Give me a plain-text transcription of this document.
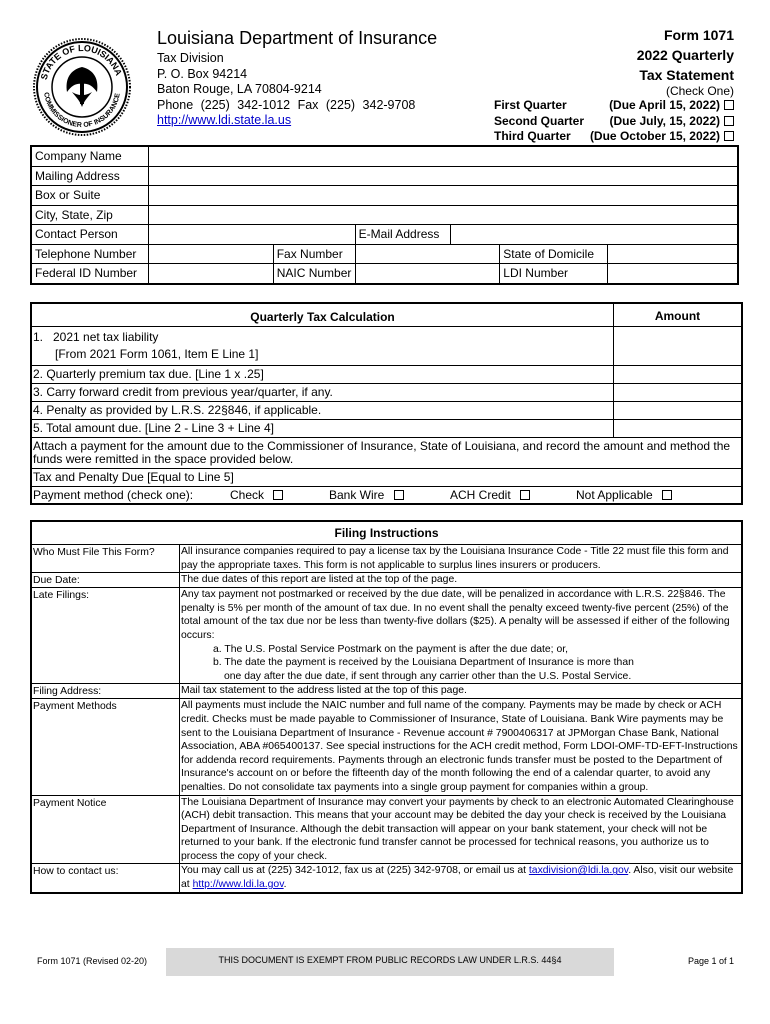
STATE OF LOUISIANA
COMMISSIONER OF INSURANCE
Louisiana Department of Insurance
Tax Division
P. O. Box 94214
Baton Rouge, LA 70804-9214
Phone (225) 342-1012 Fax (225) 342-9708
http://www.ldi.state.la.us
Form 1071
2022 Quarterly
Tax Statement
(Check One)
First Quarter	(Due April 15, 2022)
Second Quarter (Due July, 15, 2022)
Third Quarter (Due October 15, 2022)
Company Name						
Mailing Address						
Box or Suite						
City, State, Zip						
Contact Person			E-Mail Address			
Telephone Number		Fax Number			State of Domicile	
Federal ID Number		NAIC Number			LDI Number	
Quarterly Tax Calculation	Amount
1.   2021 net tax liability
[From 2021 Form 1061, Item E Line 1]
2. Quarterly premium tax due. [Line 1 x .25]
3. Carry forward credit from previous year/quarter, if any.
4. Penalty as provided by L.R.S. 22§846, if applicable.
5. Total amount due. [Line 2 - Line 3 + Line 4]
Attach a payment for the amount due to the Commissioner of Insurance, State of Louisiana, and record the amount and method the funds were remitted in the space provided below.
Tax and Penalty Due [Equal to Line 5]
Payment method (check one):	Check	Bank Wire	ACH Credit	Not Applicable
Filing Instructions
Who Must File This Form?	All insurance companies required to pay a license tax by the Louisiana Insurance Code - Title 22 must file this form and pay the appropriate taxes. This form is not applicable to surplus lines insurers or producers.
Due Date:	The due dates of this report are listed at the top of the page.
Late Filings:	Any tax payment not postmarked or received by the due date, will be penalized in accordance with L.R.S. 22§846. The penalty is 5% per month of the amount of tax due. In no event shall the penalty exceed twenty-five percent (25%) of the total amount of the tax due nor be less than twenty-five dollars ($25). A penalty will be assessed if either of the following occurs:
a. The U.S. Postal Service Postmark on the payment is after the due date; or,
b. The date the payment is received by the Louisiana Department of Insurance is more than
one day after the due date, if sent through any carrier other than the U.S. Postal Service.
Filing Address:	Mail tax statement to the address listed at the top of this page.
Payment Methods	All payments must include the NAIC number and full name of the company. Payments may be made by check or ACH credit. Checks must be made payable to Commissioner of Insurance, State of Louisiana. Bank Wire payments may be sent to the Louisiana Department of Insurance - Revenue account # 7900406317 at JPMorgan Chase Bank, National Association, ABA #065400137. See special instructions for the ACH credit method, Form LDOI-OMF-TD-EFT-Instructions for addenda record requirements. Payments through an electronic funds transfer must be posted to the Department of Insurance's account on or before the fifteenth day of the month following the end of a calendar quarter, to avoid any penalties. Do not consolidate tax payments into a single group payment for companies within a group.
Payment Notice	The Louisiana Department of Insurance may convert your payments by check to an electronic Automated Clearinghouse (ACH) debit transaction. This means that your account may be debited the day your check is received by the Louisiana Department of Insurance. Although the debit transaction will appear on your bank statement, your check will not be returned to your bank. If the electronic fund transfer cannot be processed for technical reasons, you authorize us to process the copy of your check.
How to contact us:	You may call us at (225) 342-1012, fax us at (225) 342-9708, or email us at taxdivision@ldi.la.gov. Also, visit our website at http://www.ldi.la.gov.
Form 1071 (Revised 02-20)	THIS DOCUMENT IS EXEMPT FROM PUBLIC RECORDS LAW UNDER L.R.S. 44§4	Page 1 of 1
